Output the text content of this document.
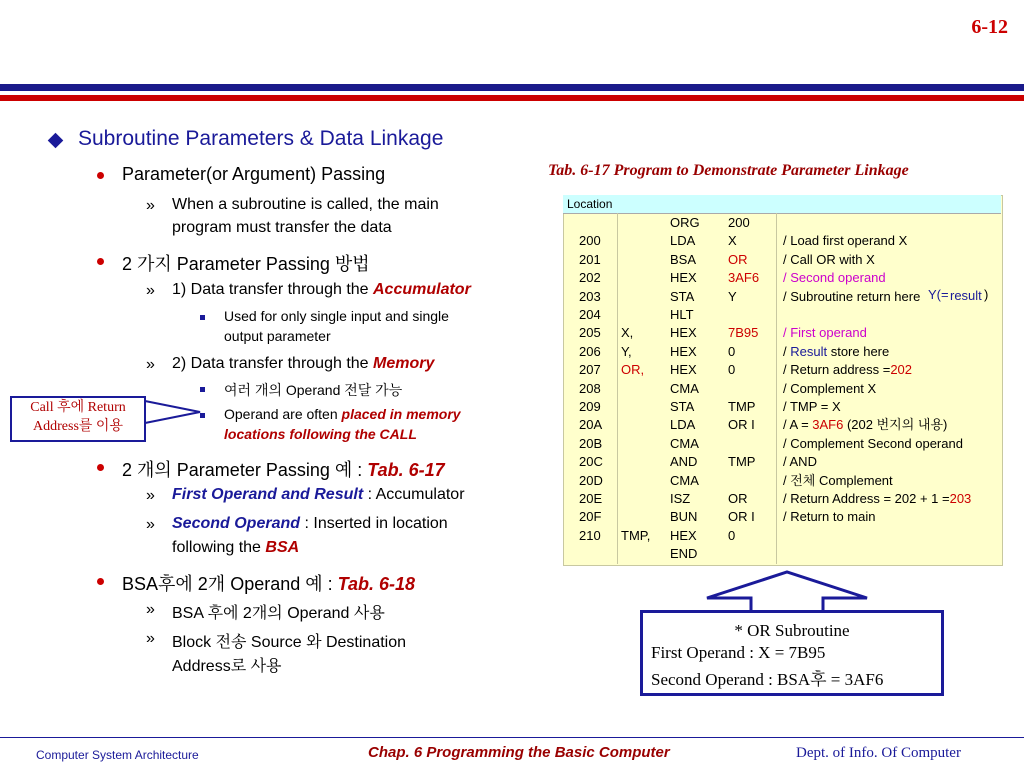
6-12
Subroutine Parameters & Data Linkage
Parameter(or Argument) Passing
» When a subroutine is called, the main
program must transfer the data
2 가지 Parameter Passing 방법
» 1) Data transfer through the Accumulator
Used for only single input and single
output parameter
» 2) Data transfer through the Memory
여러 개의 Operand 전달 가능
Operand are often placed in memory
locations following the CALL
Call 후에 Return
Address를 이용
2 개의 Parameter Passing 예 : Tab. 6-17
» First Operand and Result : Accumulator
» Second Operand : Inserted in location
following the BSA
BSA후에 2개 Operand 예 : Tab. 6-18
» BSA 후에 2개의 Operand 사용
» Block 전송 Source 와 Destination
Address로 사용
Tab. 6-17 Program to Demonstrate Parameter Linkage
Location
ORG 200
200	LDA	X	/ Load first operand X
201	BSA OR	/ Call OR with X
202	HEX 3AF6 / Second operand
203	STA	Y	/ Subroutine return here
204	HLT
205 X,	HEX 7B95 / First operand
206 Y,	HEX 0	/ Result store here
207 OR, HEX 0	/ Return address =202
208	CMA	/ Complement X
209	STA	TMP / TMP = X
20A	LDA	OR I / A = 3AF6 (202 번지의 내용)
20B	CMA	/ Complement Second operand
20C	AND TMP / AND
20D	CMA	/ 전체 Complement
20E	ISZ	OR	/ Return Address = 202 + 1 =203
20F	BUN OR I / Return to main
210 TMP, HEX 0
END
Y(= result )
* OR Subroutine
First Operand : X = 7B95
Second Operand : BSA후 = 3AF6
Computer System Architecture	Chap. 6 Programming the Basic Computer	Dept. of Info. Of Computer
